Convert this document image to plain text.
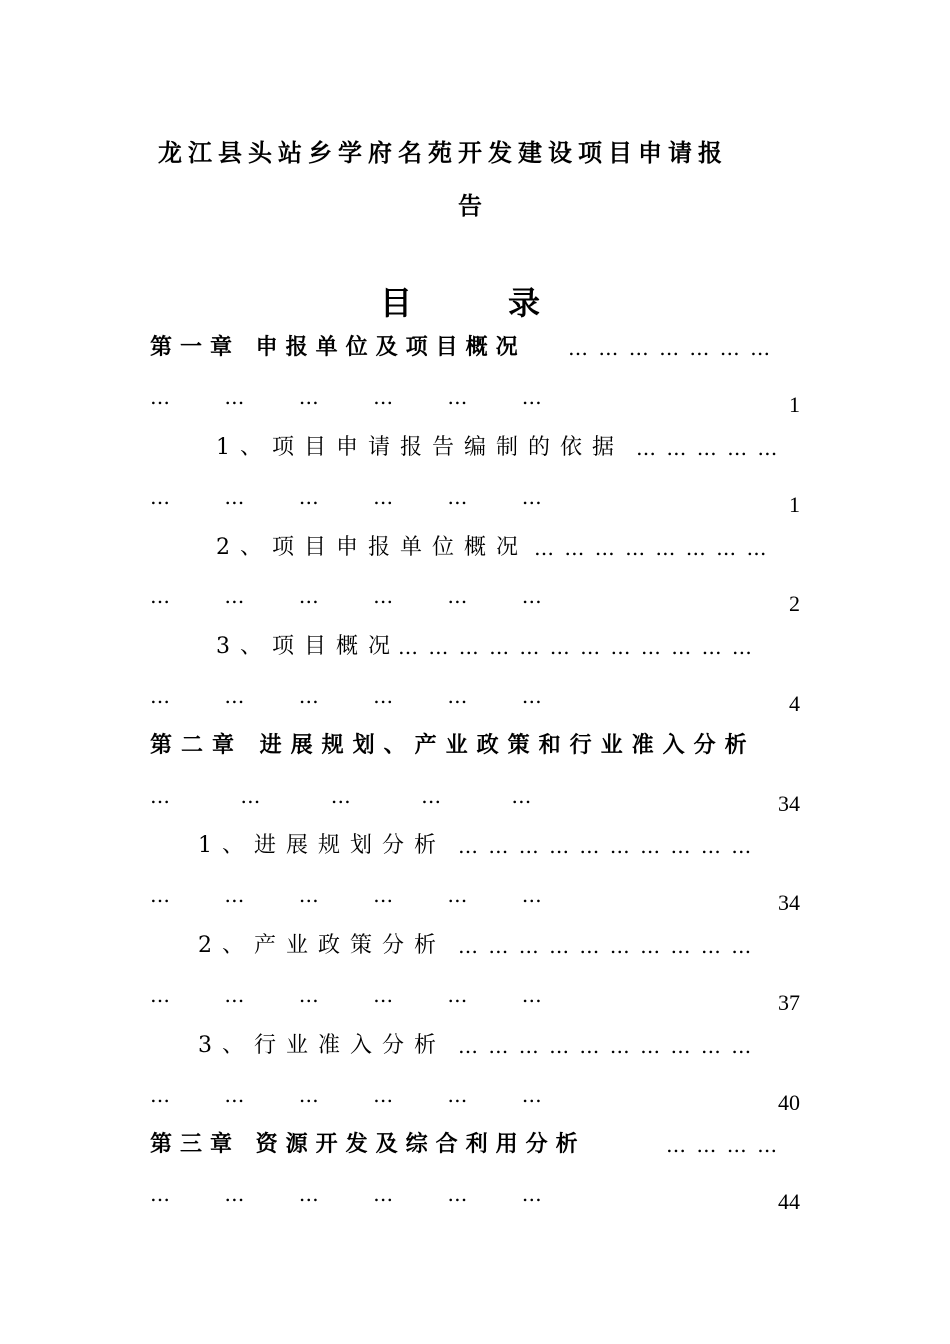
龙江县头站乡学府名苑开发建设项目申请报
告
目	录
第一章 申报单位及项目概况 … … … … … … …
… … … … … …	1
1、项目申请报告编制的依据 … … … … …
… … … … … …	1
2、项目申报单位概况 … … … … … … … …
… … … … … …	2
3、项目概况
… … … … … … … … … … … …
… … … … … …	4
第二章 进展规划、产业政策和行业准入分析
… … … … …	34
1、进展规划分析 … … … … … … … … … …
… … … … … …	34
2、产业政策分析 … … … … … … … … … …
… … … … … …	37
3、行业准入分析 … … … … … … … … … …
… … … … … …	40
第三章 资源开发及综合利用分析	… … … …
… … … … … …	44
